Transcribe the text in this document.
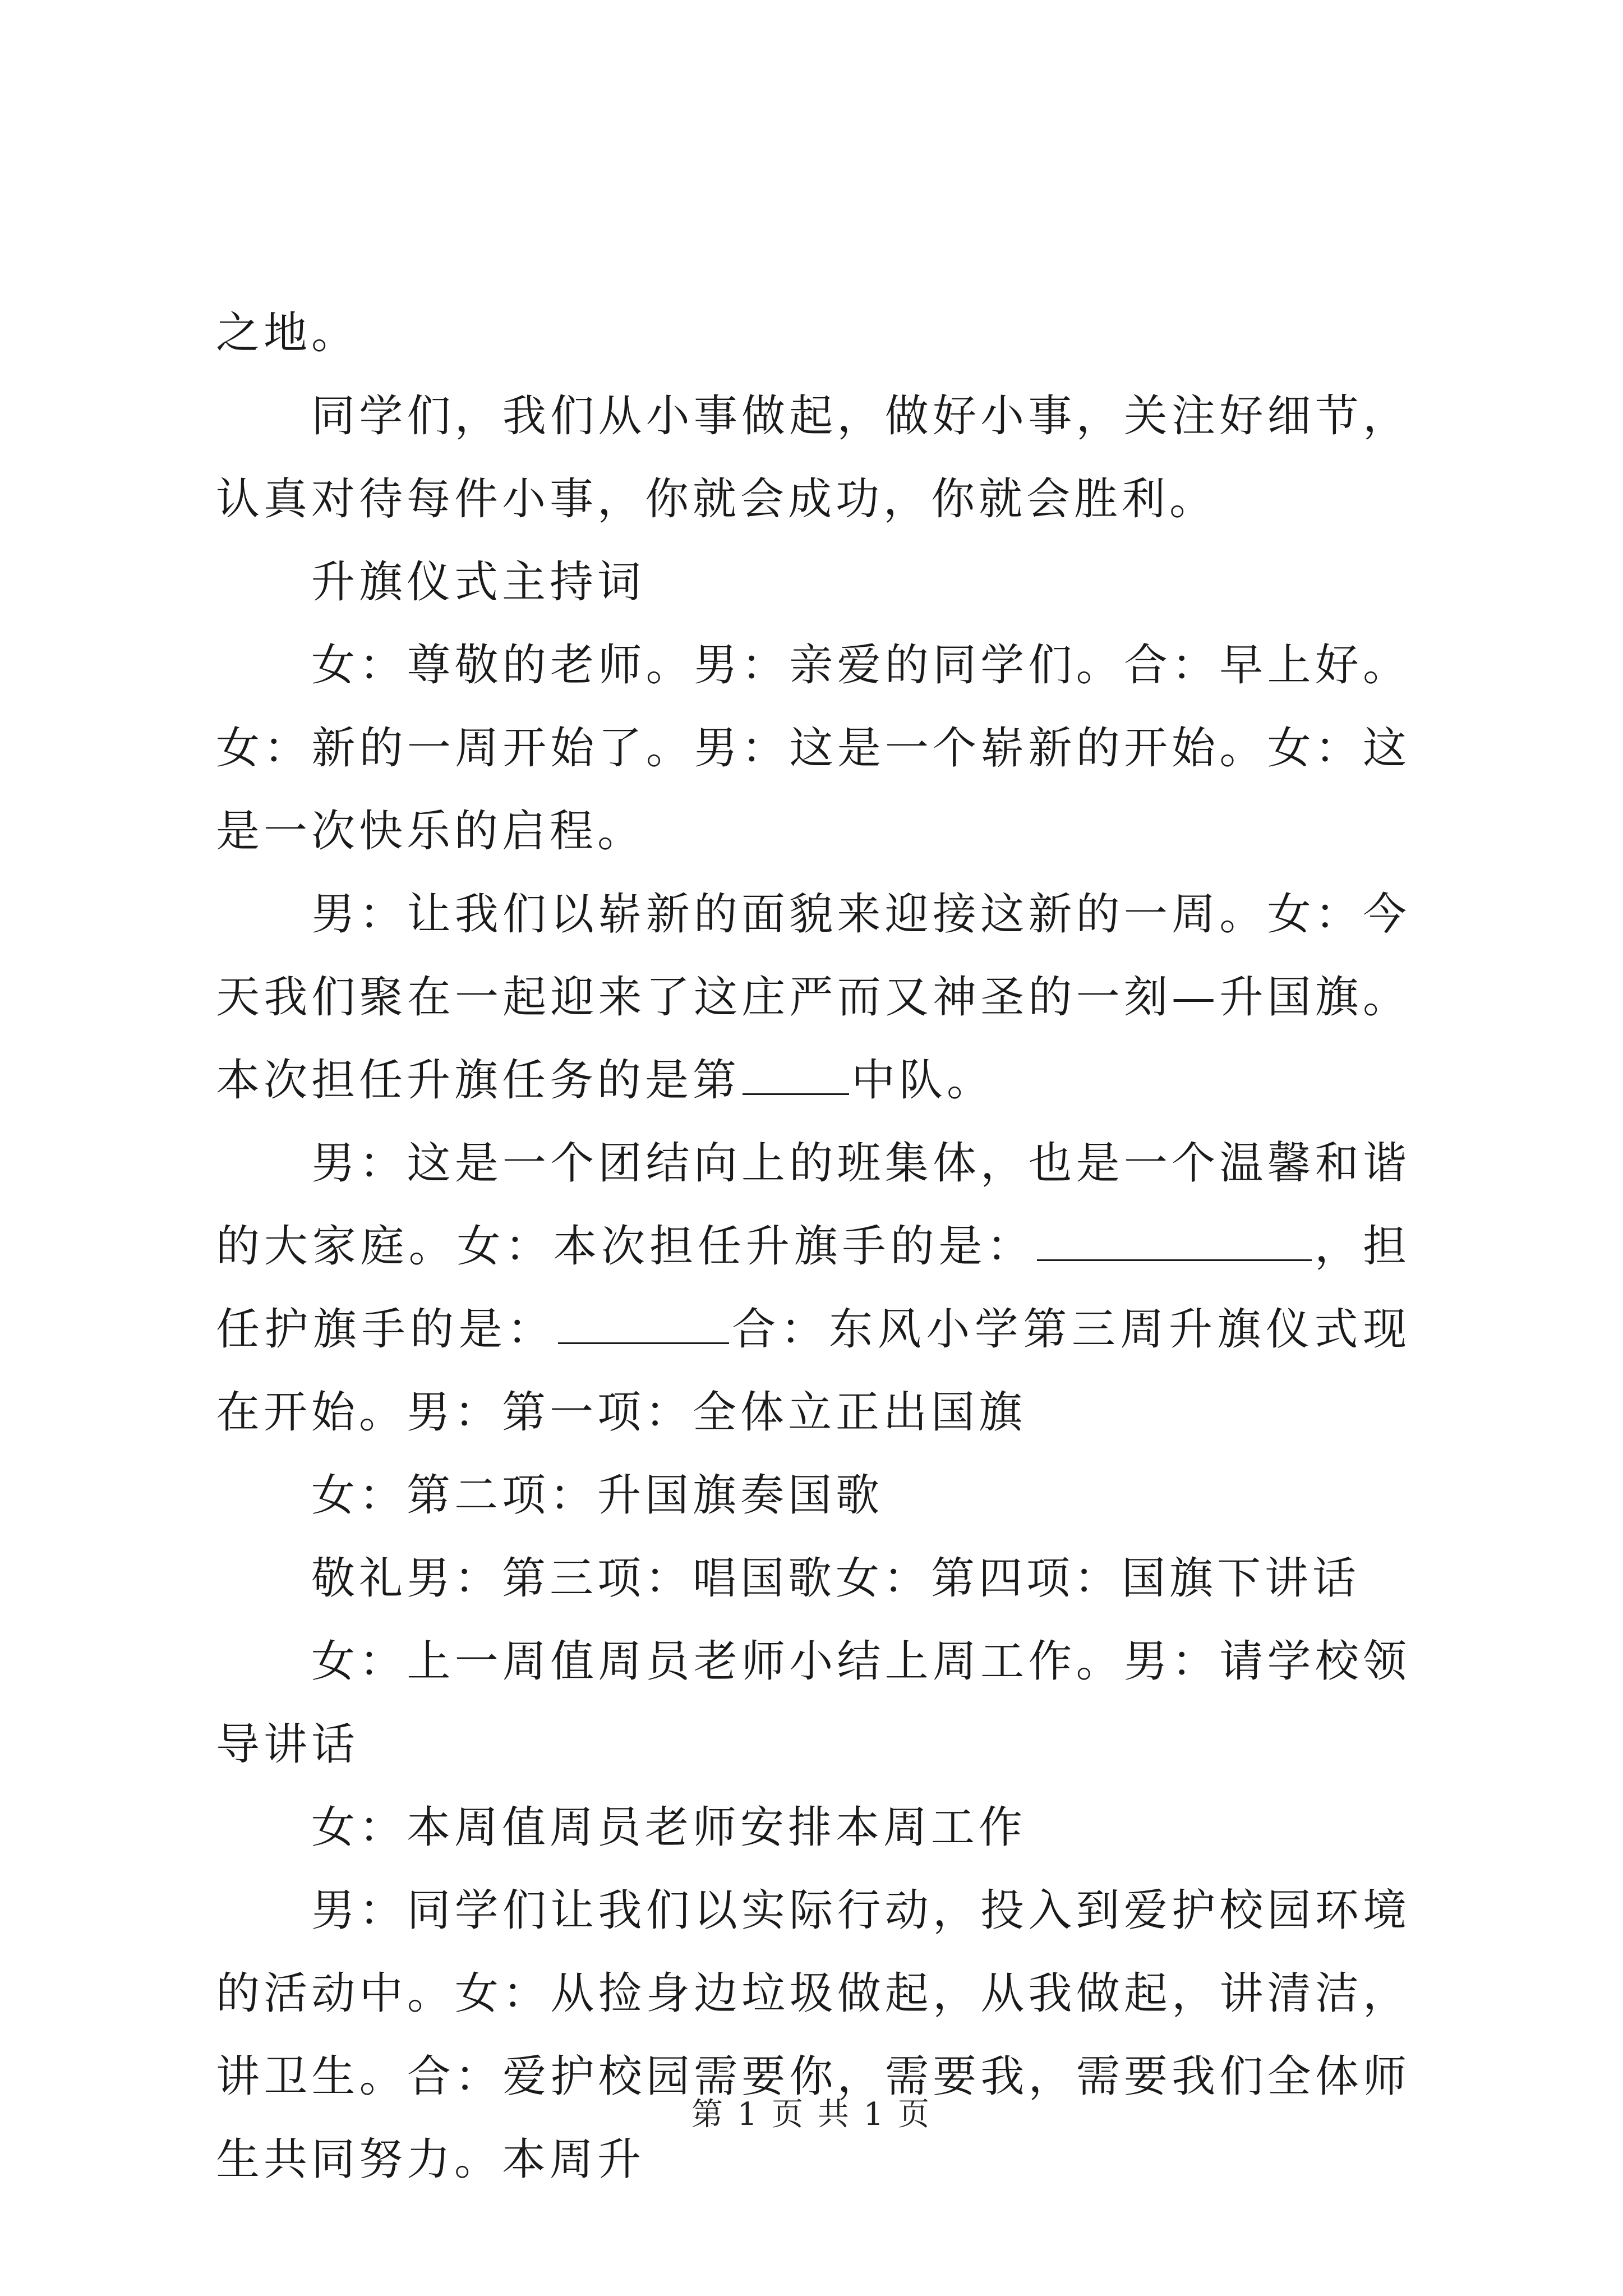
之地。

同学们，我们从小事做起，做好小事，关注好细节，认真对待每件小事，你就会成功，你就会胜利。

升旗仪式主持词

女：尊敬的老师。男：亲爱的同学们。合：早上好。女：新的一周开始了。男：这是一个崭新的开始。女：这是一次快乐的启程。

男：让我们以崭新的面貌来迎接这新的一周。女：今天我们聚在一起迎来了这庄严而又神圣的一刻—升国旗。本次担任升旗任务的是第	中队。

男：这是一个团结向上的班集体，也是一个温馨和谐的大家庭。女：本次担任升旗手的是：	，担任护旗手的是：	合：东风小学第三周升旗仪式现在开始。男：第一项：全体立正出国旗

女：第二项：升国旗奏国歌

敬礼男：第三项：唱国歌女：第四项：国旗下讲话

女：上一周值周员老师小结上周工作。男：请学校领导讲话

女：本周值周员老师安排本周工作

男：同学们让我们以实际行动，投入到爱护校园环境的活动中。女：从捡身边垃圾做起，从我做起，讲清洁，讲卫生。合：爱护校园需要你，需要我，需要我们全体师生共同努力。本周升

第 1 页 共 1 页
